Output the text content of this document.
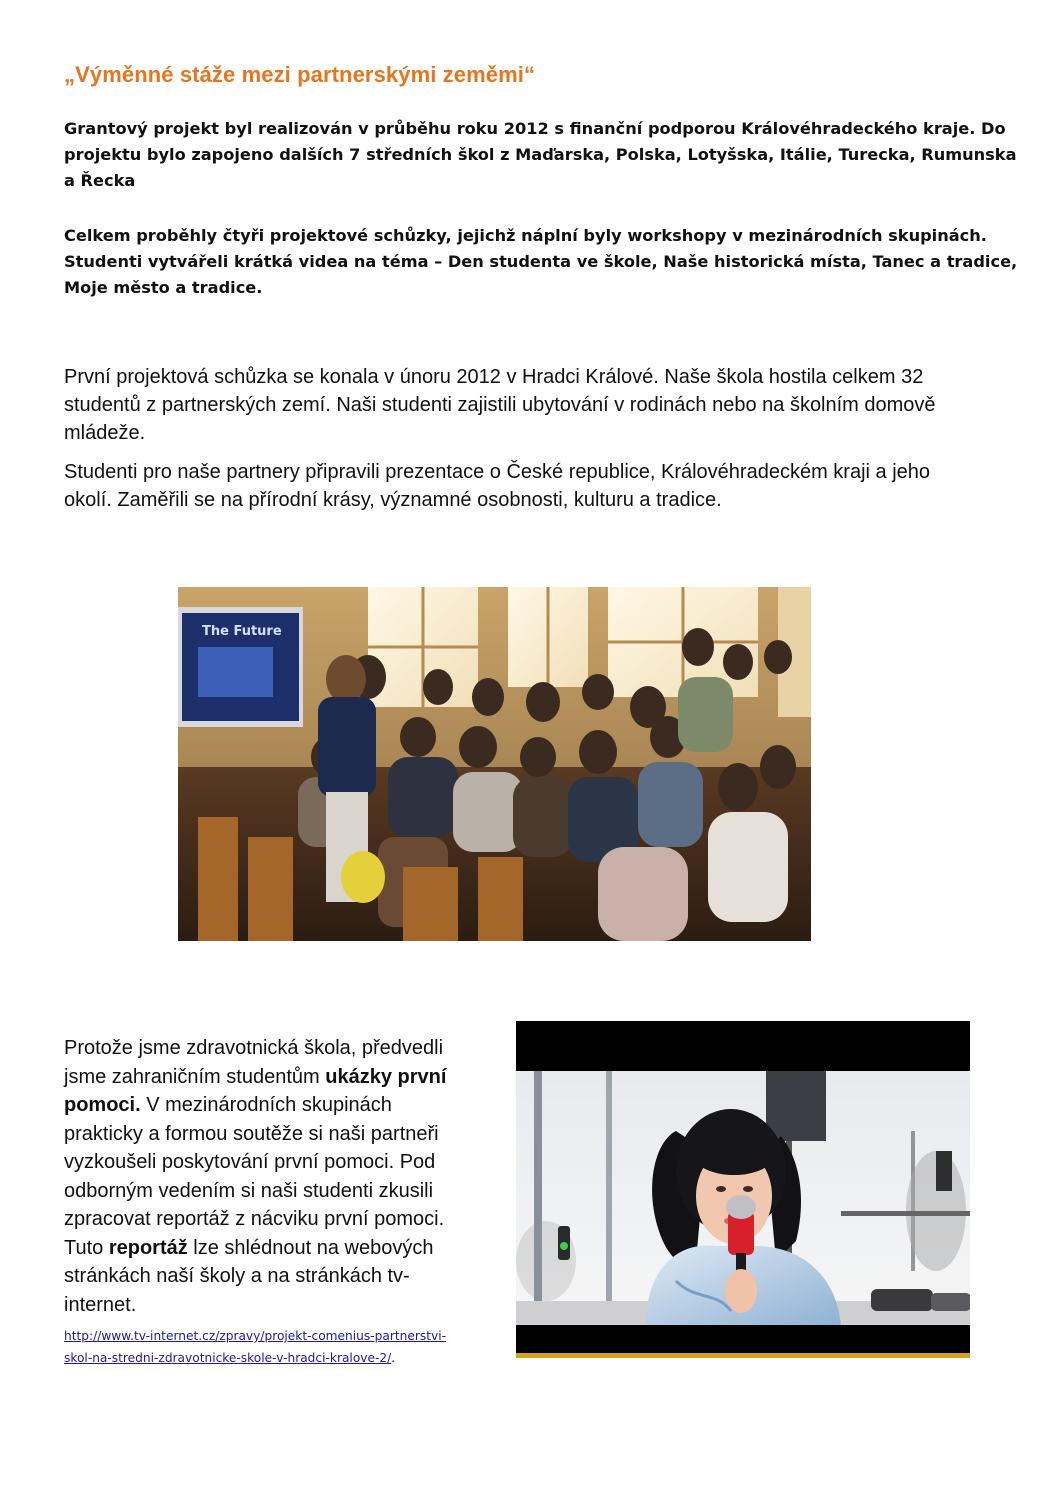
„Výměnné stáže mezi partnerskými zeměmi“
Grantový projekt byl realizován v průběhu roku 2012 s finanční podporou Královéhradeckého kraje. Do
projektu bylo zapojeno dalších 7 středních škol z Maďarska, Polska, Lotyšska, Itálie, Turecka, Rumunska
a Řecka
Celkem proběhly čtyři projektové schůzky, jejichž náplní byly workshopy v mezinárodních skupinách.
Studenti vytvářeli krátká videa na téma – Den studenta ve škole, Naše historická místa, Tanec a tradice,
Moje město a tradice.
První projektová schůzka se konala v únoru 2012 v Hradci Králové. Naše škola hostila celkem 32
studentů z partnerských zemí. Naši studenti zajistili ubytování v rodinách nebo na školním domově
mládeže.
Studenti pro naše partnery připravili prezentace o České republice, Královéhradeckém kraji a jeho
okolí. Zaměřili se na přírodní krásy, významné osobnosti, kulturu a tradice.
The Future
Protože jsme zdravotnická škola, předvedli
jsme zahraničním studentům ukázky první
pomoci. V mezinárodních skupinách
prakticky a formou soutěže si naši partneři
vyzkoušeli poskytování první pomoci. Pod
odborným vedením si naši studenti zkusili
zpracovat reportáž z nácviku první pomoci.
Tuto reportáž lze shlédnout na webových
stránkách naší školy a na stránkách tv-
internet.
http://www.tv-internet.cz/zpravy/projekt-comenius-partnerstvi-
skol-na-stredni-zdravotnicke-skole-v-hradci-kralove-2/.
